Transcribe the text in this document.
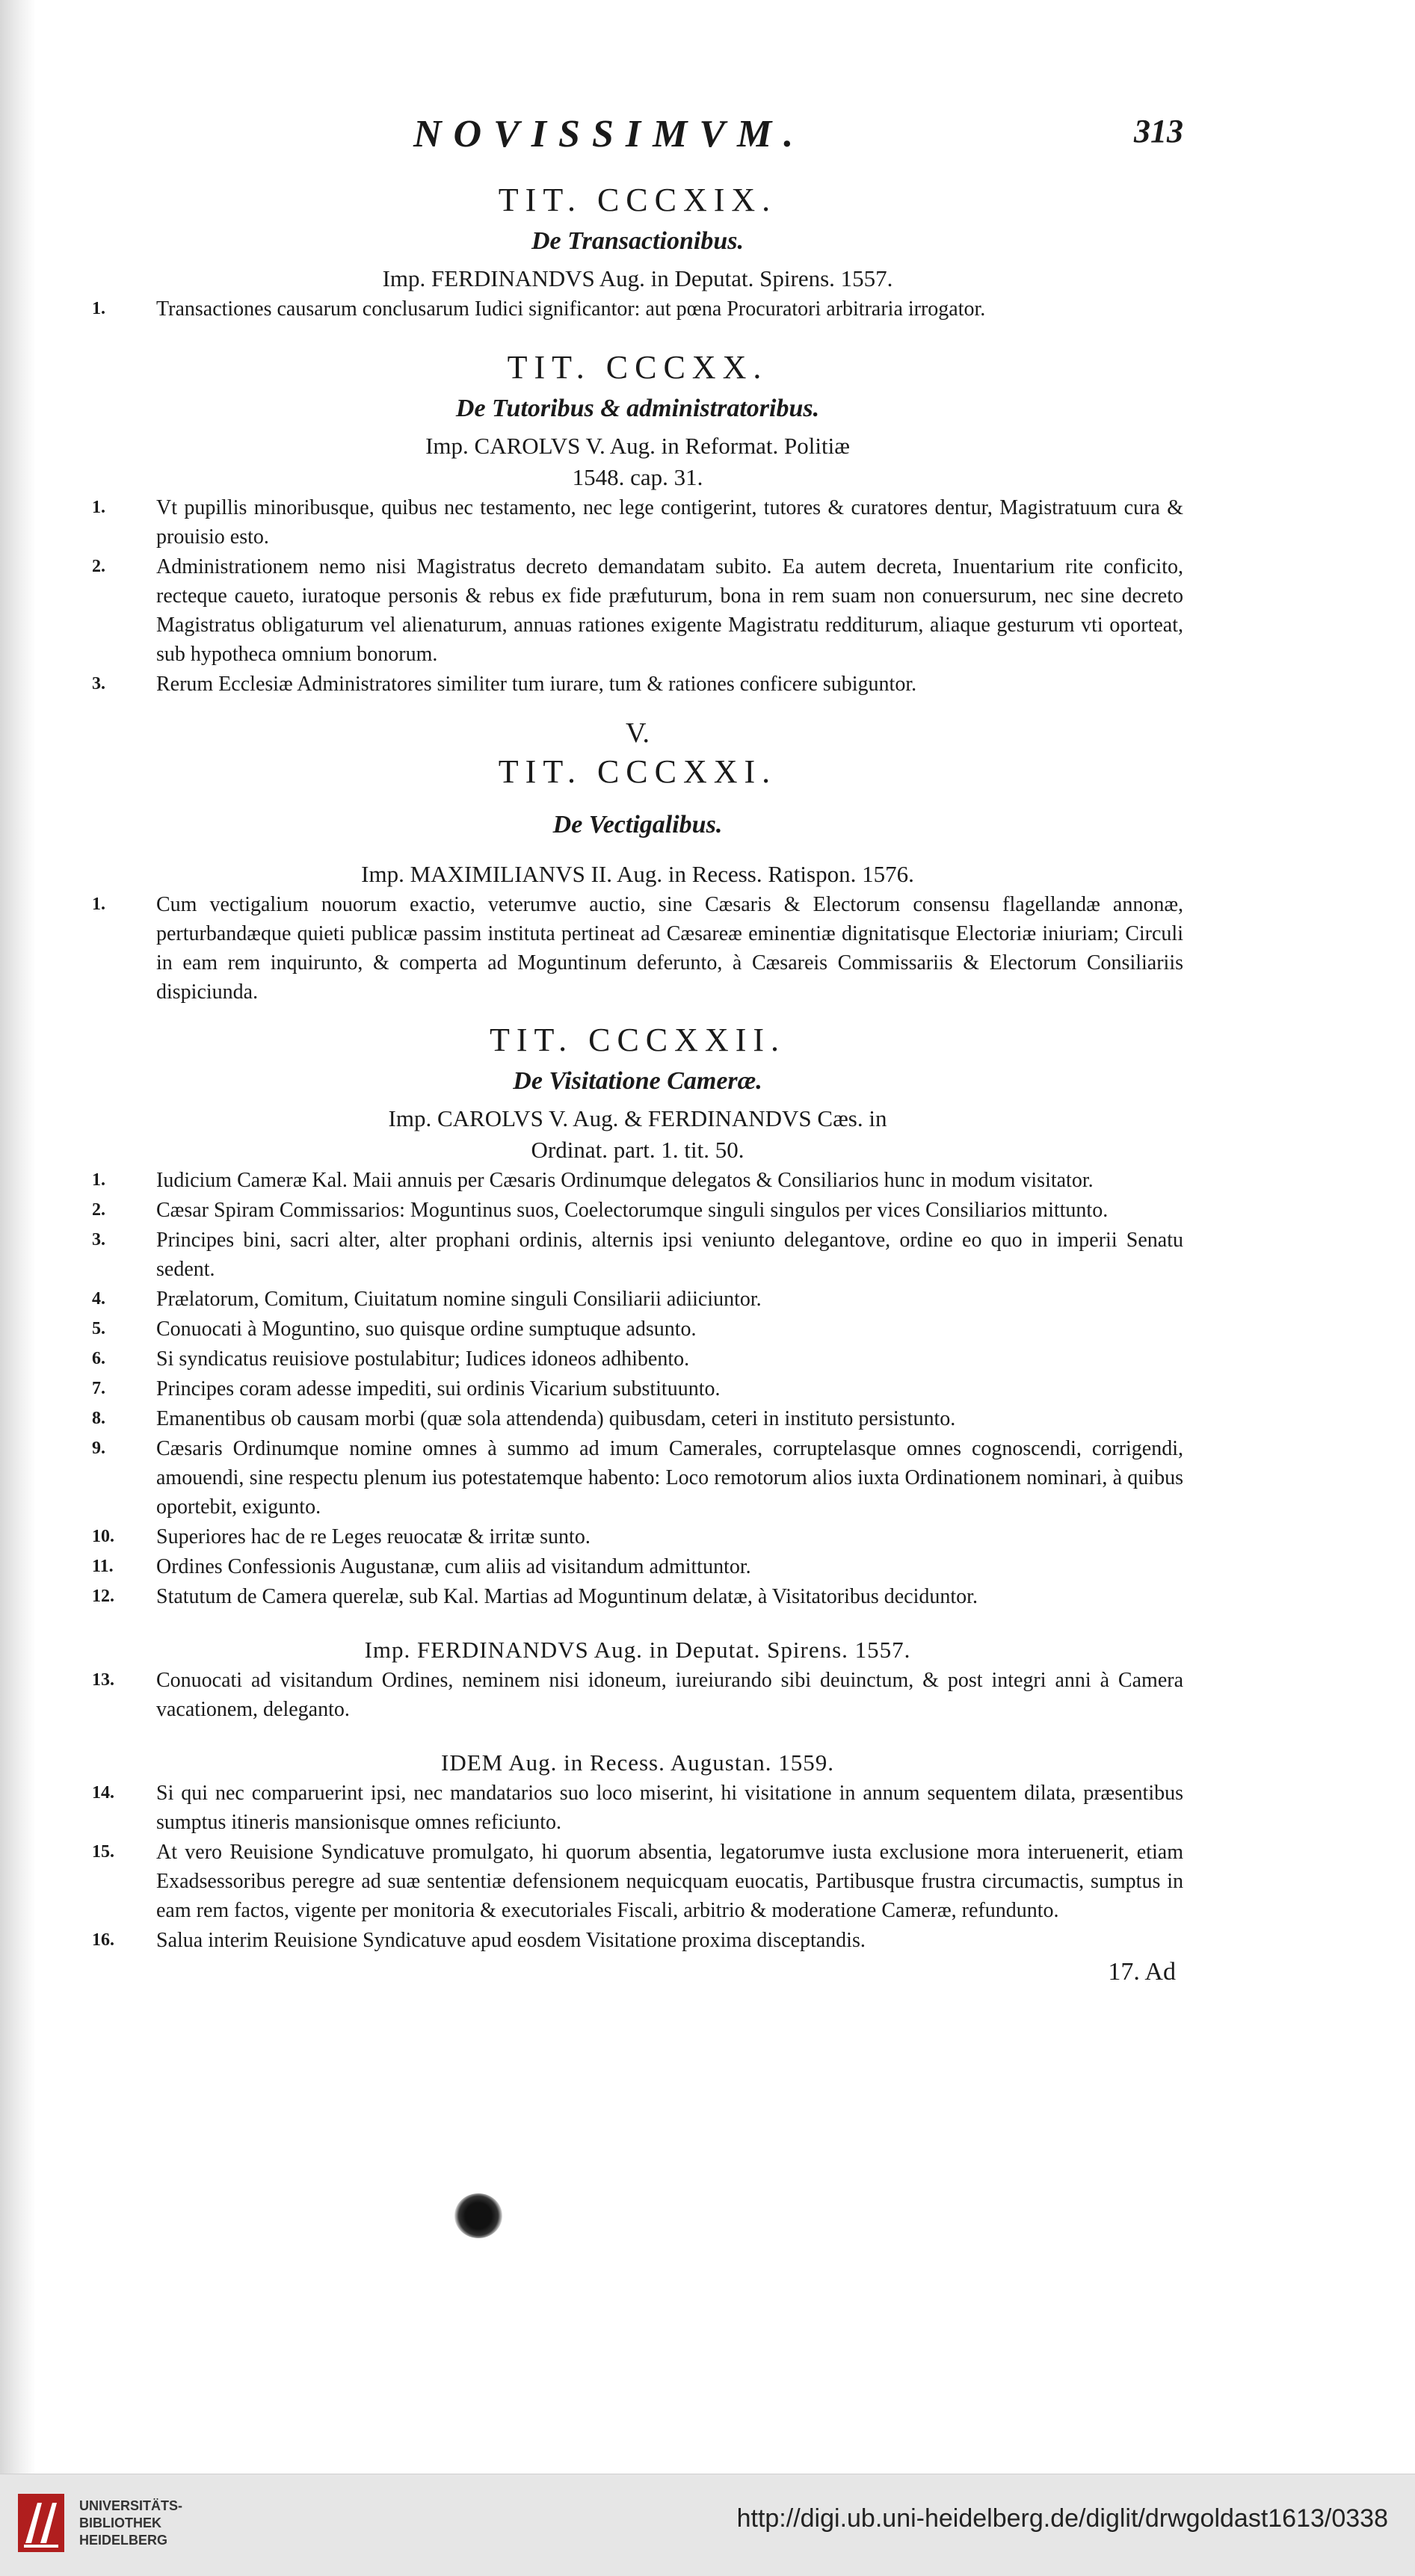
NOVISSIMVM.	313

TIT. CCCXIX.

De Transactionibus.

Imp. FERDINANDVS Aug. in Deputat. Spirens. 1557.

1.	Transactiones causarum conclusarum Iudici significantor: aut pœna Procuratori arbitraria irrogator.

TIT. CCCXX.

De Tutoribus & administratoribus.

Imp. CAROLVS V. Aug. in Reformat. Politiæ

1548. cap. 31.

1.	Vt pupillis minoribusque, quibus nec testamento, nec lege contigerint, tutores & curatores dentur, Magistratuum cura & prouisio esto.
2.	Administrationem nemo nisi Magistratus decreto demandatam subito. Ea autem decreta, Inuentarium rite conficito, recteque caueto, iuratoque personis & rebus ex fide præfuturum, bona in rem suam non conuersurum, nec sine decreto Magistratus obligaturum vel alienaturum, annuas rationes exigente Magistratu redditurum, aliaque gesturum vti oporteat, sub hypotheca omnium bonorum.
3.	Rerum Ecclesiæ Administratores similiter tum iurare, tum & rationes conficere subiguntor.

V.

TIT. CCCXXI.

De Vectigalibus.

Imp. MAXIMILIANVS II. Aug. in Recess. Ratispon. 1576.

1.	Cum vectigalium nouorum exactio, veterumve auctio, sine Cæsaris & Electorum consensu flagellandæ annonæ, perturbandæque quieti publicæ passim instituta pertineat ad Cæsareæ eminentiæ dignitatisque Electoriæ iniuriam; Circuli in eam rem inquirunto, & comperta ad Moguntinum deferunto, à Cæsareis Commissariis & Electorum Consiliariis dispiciunda.

TIT. CCCXXII.

De Visitatione Cameræ.

Imp. CAROLVS V. Aug. & FERDINANDVS Cæs. in

Ordinat. part. 1. tit. 50.

1.	Iudicium Cameræ Kal. Maii annuis per Cæsaris Ordinumque delegatos & Consiliarios hunc in modum visitator.
2.	Cæsar Spiram Commissarios: Moguntinus suos, Coelectorumque singuli singulos per vices Consiliarios mittunto.
3.	Principes bini, sacri alter, alter prophani ordinis, alternis ipsi veniunto delegantove, ordine eo quo in imperii Senatu sedent.
4.	Prælatorum, Comitum, Ciuitatum nomine singuli Consiliarii adiiciuntor.
5.	Conuocati à Moguntino, suo quisque ordine sumptuque adsunto.
6.	Si syndicatus reuisiove postulabitur; Iudices idoneos adhibento.
7.	Principes coram adesse impediti, sui ordinis Vicarium substituunto.
8.	Emanentibus ob causam morbi (quæ sola attendenda) quibusdam, ceteri in instituto persistunto.
9.	Cæsaris Ordinumque nomine omnes à summo ad imum Camerales, corruptelasque omnes cognoscendi, corrigendi, amouendi, sine respectu plenum ius potestatemque habento: Loco remotorum alios iuxta Ordinationem nominari, à quibus oportebit, exigunto.
10.	Superiores hac de re Leges reuocatæ & irritæ sunto.
11.	Ordines Confessionis Augustanæ, cum aliis ad visitandum admittuntor.
12.	Statutum de Camera querelæ, sub Kal. Martias ad Moguntinum delatæ, à Visitatoribus deciduntor.

Imp. FERDINANDVS Aug. in Deputat. Spirens. 1557.

13.	Conuocati ad visitandum Ordines, neminem nisi idoneum, iureiurando sibi deuinctum, & post integri anni à Camera vacationem, deleganto.

IDEM Aug. in Recess. Augustan. 1559.

14.	Si qui nec comparuerint ipsi, nec mandatarios suo loco miserint, hi visitatione in annum sequentem dilata, præsentibus sumptus itineris mansionisque omnes reficiunto.
15.	At vero Reuisione Syndicatuve promulgato, hi quorum absentia, legatorumve iusta exclusione mora interuenerit, etiam Exadsessoribus peregre ad suæ sententiæ defensionem nequicquam euocatis, Partibusque frustra circumactis, sumptus in eam rem factos, vigente per monitoria & executoriales Fiscali, arbitrio & moderatione Cameræ, refundunto.
16.	Salua interim Reuisione Syndicatuve apud eosdem Visitatione proxima disceptandis.
17. Ad
UNIVERSITÄTS-
BIBLIOTHEK
HEIDELBERG
http://digi.ub.uni-heidelberg.de/diglit/drwgoldast1613/0338
